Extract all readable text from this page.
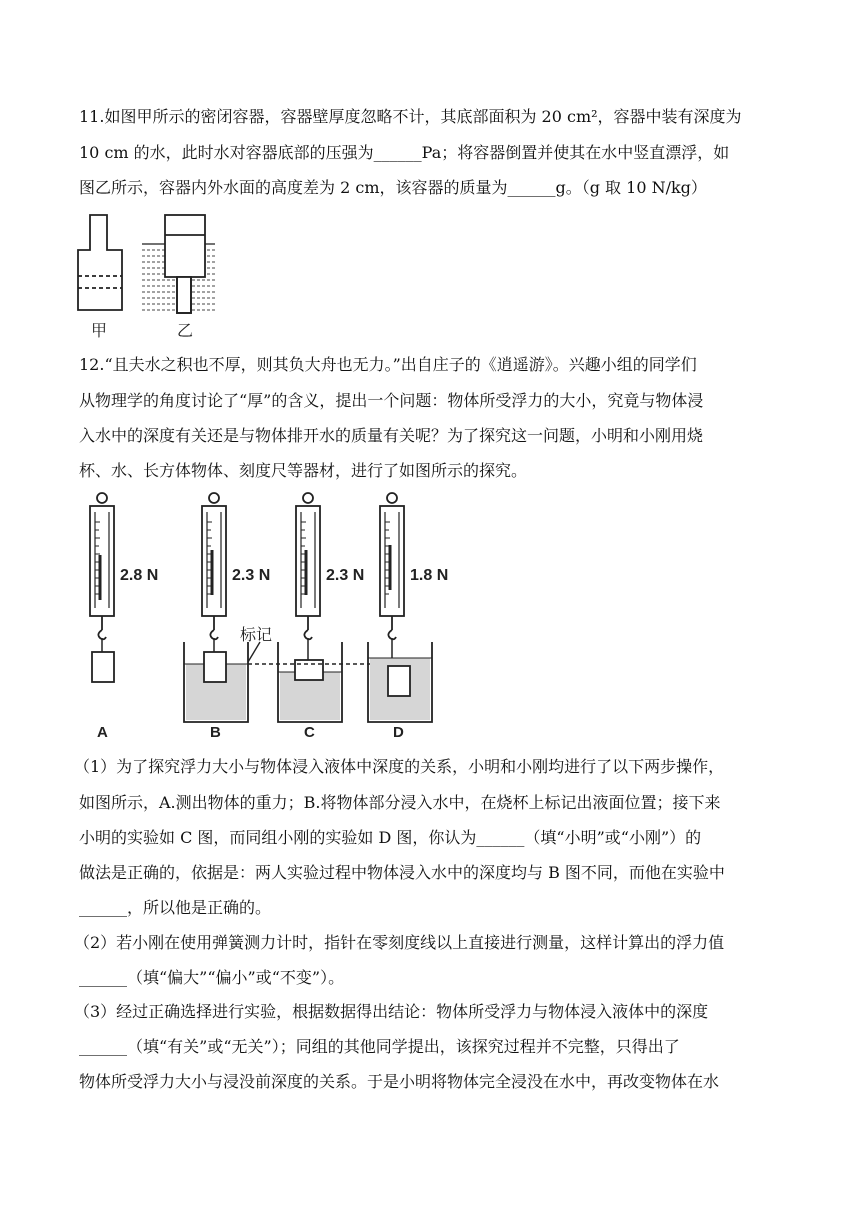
11.如图甲所示的密闭容器，容器壁厚度忽略不计，其底部面积为 20 cm²，容器中装有深度为
10 cm 的水，此时水对容器底部的压强为______Pa；将容器倒置并使其在水中竖直漂浮，如
图乙所示，容器内外水面的高度差为 2 cm，该容器的质量为______g。（g 取 10 N/kg）
甲	乙
12.“且夫水之积也不厚，则其负大舟也无力。”出自庄子的《逍遥游》。兴趣小组的同学们
从物理学的角度讨论了“厚”的含义，提出一个问题：物体所受浮力的大小，究竟与物体浸
入水中的深度有关还是与物体排开水的质量有关呢？为了探究这一问题，小明和小刚用烧
杯、水、长方体物体、刻度尺等器材，进行了如图所示的探究。
标记
2.8 N	2.3 N	2.3 N	1.8 N
A	B	C	D
（1）为了探究浮力大小与物体浸入液体中深度的关系，小明和小刚均进行了以下两步操作，
如图所示，A.测出物体的重力；B.将物体部分浸入水中，在烧杯上标记出液面位置；接下来
小明的实验如 C 图，而同组小刚的实验如 D 图，你认为______（填“小明”或“小刚”）的
做法是正确的，依据是：两人实验过程中物体浸入水中的深度均与 B 图不同，而他在实验中
______，所以他是正确的。
（2）若小刚在使用弹簧测力计时，指针在零刻度线以上直接进行测量，这样计算出的浮力值
______（填“偏大”“偏小”或“不变”）。
（3）经过正确选择进行实验，根据数据得出结论：物体所受浮力与物体浸入液体中的深度
______（填“有关”或“无关”）；同组的其他同学提出，该探究过程并不完整，只得出了
物体所受浮力大小与浸没前深度的关系。于是小明将物体完全浸没在水中，再改变物体在水
